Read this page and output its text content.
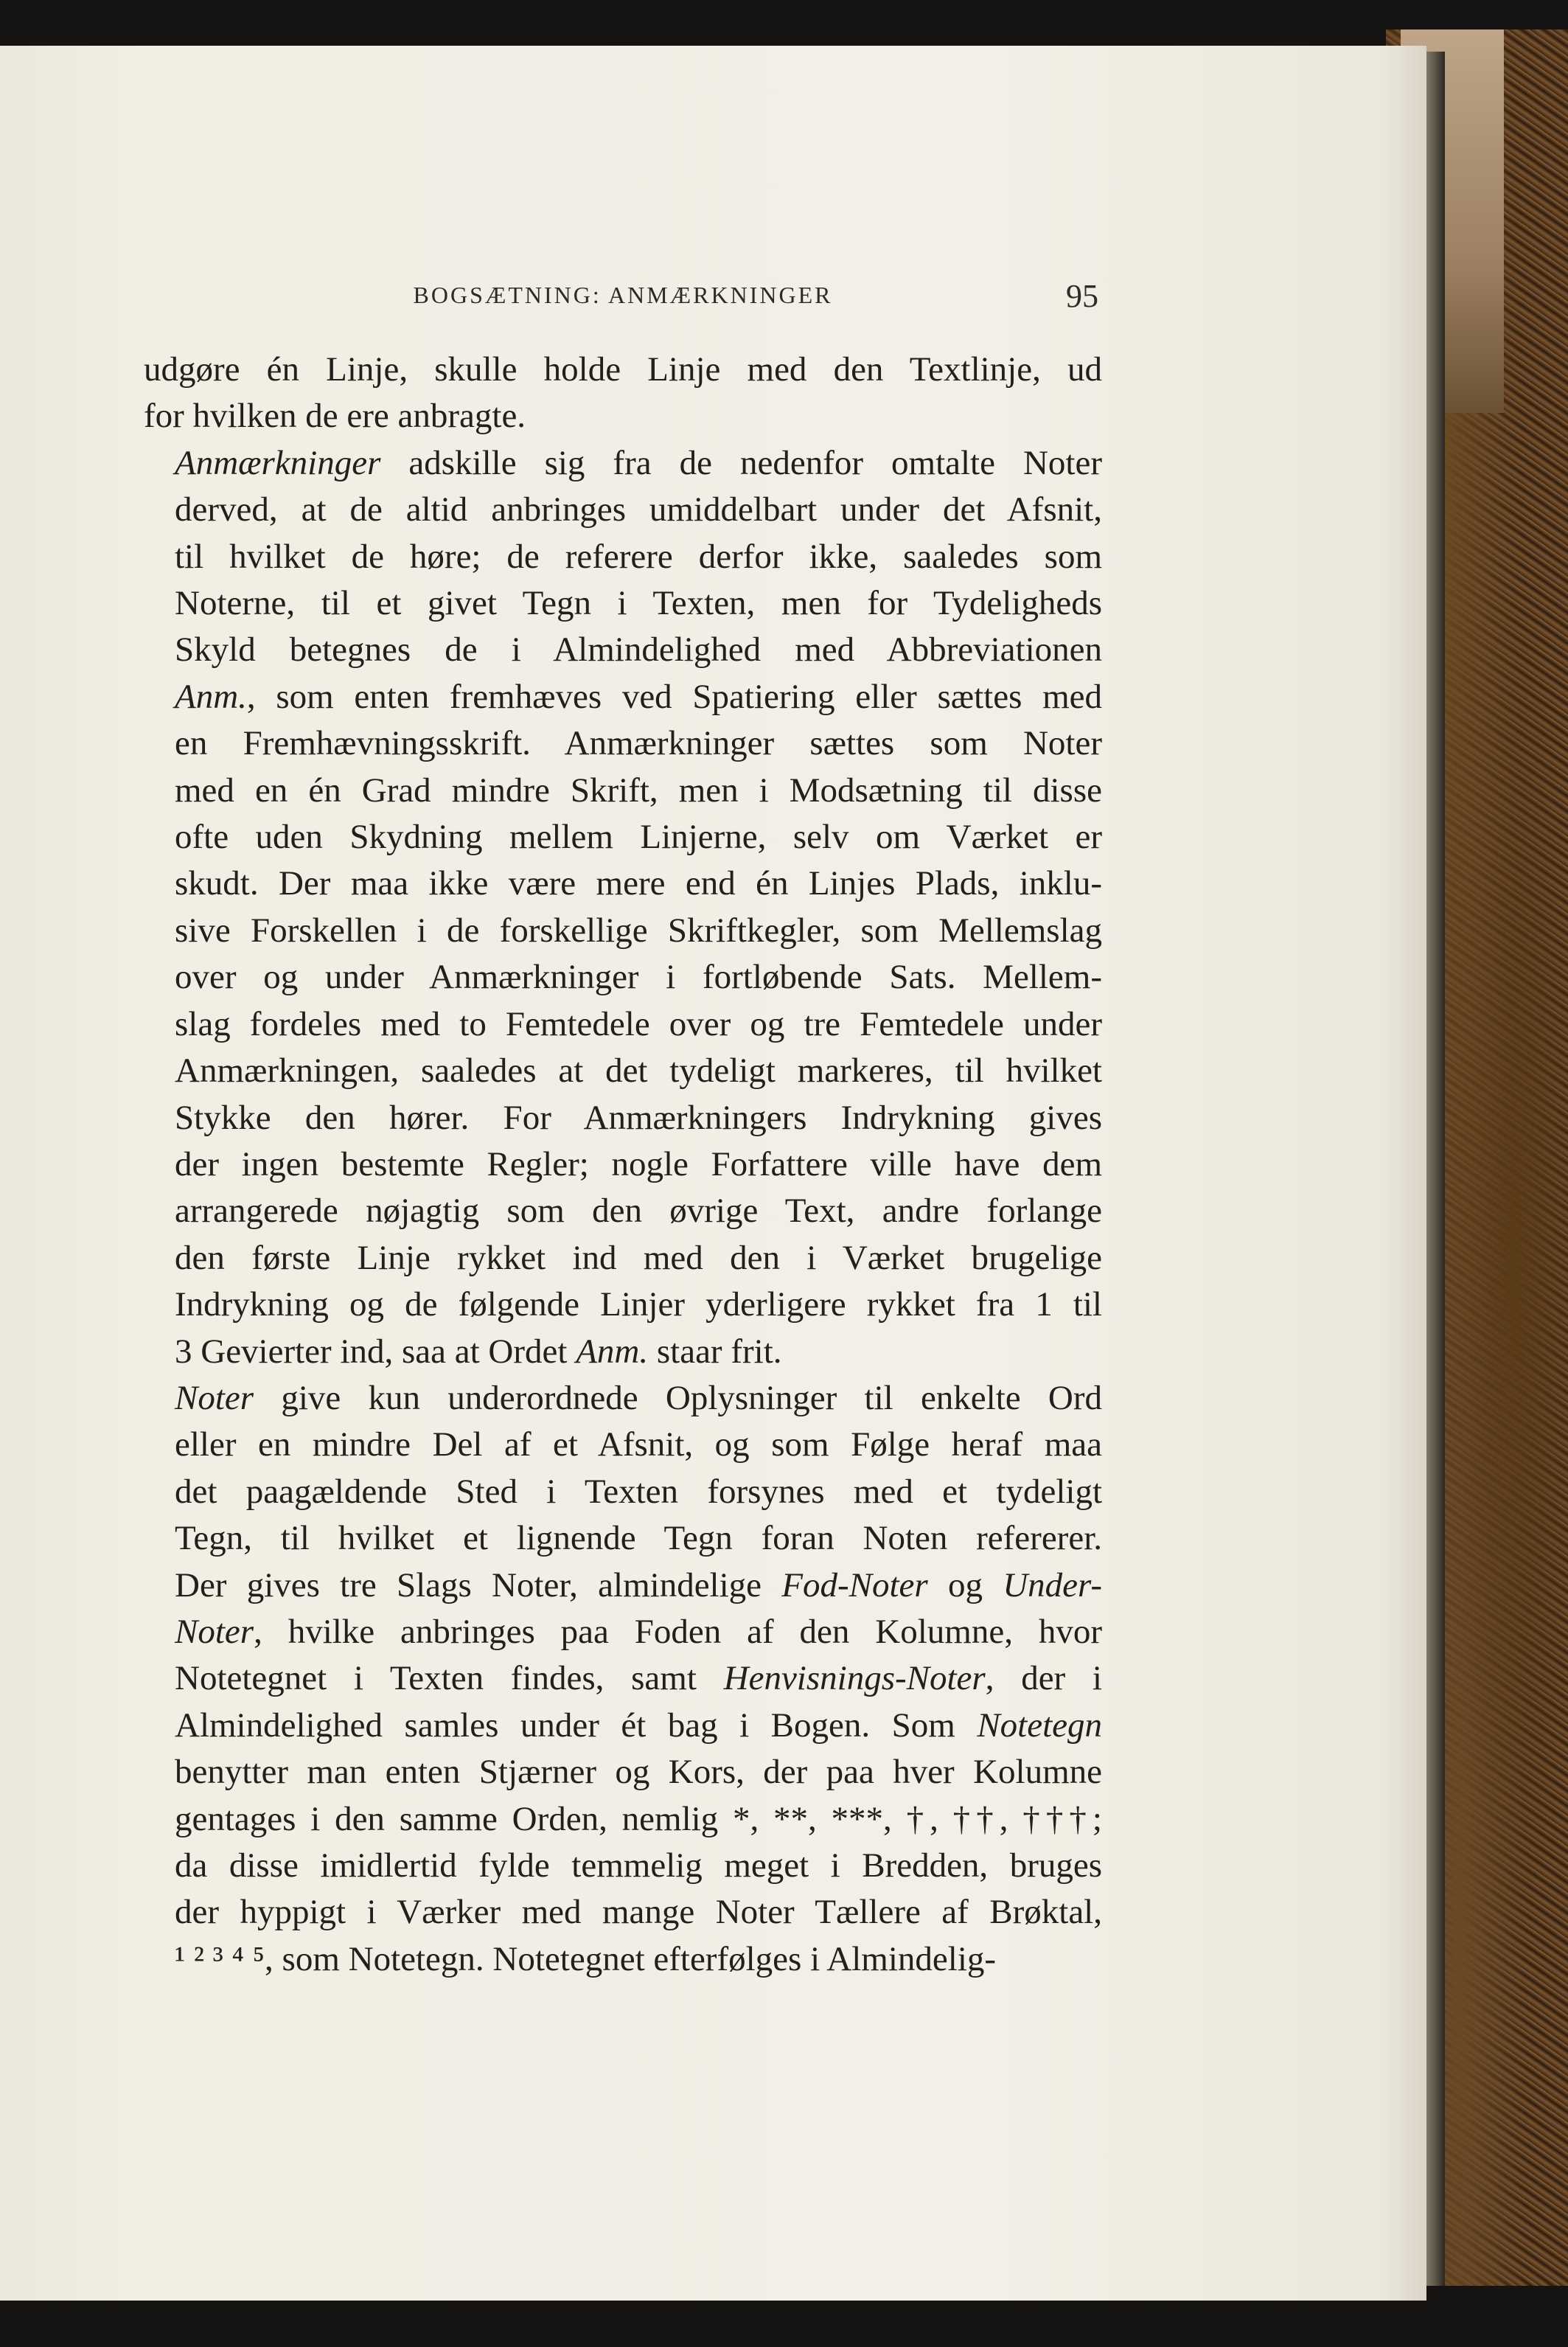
BOGSÆTNING: ANMÆRKNINGER	95

udgøre én Linje, skulle holde Linje med den Textlinje, ud
for hvilken de ere anbragte.

Anmærkninger adskille sig fra de nedenfor omtalte Noter
derved, at de altid anbringes umiddelbart under det Afsnit,
til hvilket de høre; de referere derfor ikke, saaledes som
Noterne, til et givet Tegn i Texten, men for Tydeligheds
Skyld betegnes de i Almindelighed med Abbreviationen
Anm., som enten fremhæves ved Spatiering eller sættes med
en Fremhævningsskrift. Anmærkninger sættes som Noter
med en én Grad mindre Skrift, men i Modsætning til disse
ofte uden Skydning mellem Linjerne, selv om Værket er
skudt. Der maa ikke være mere end én Linjes Plads, inklu-
sive Forskellen i de forskellige Skriftkegler, som Mellemslag
over og under Anmærkninger i fortløbende Sats. Mellem-
slag fordeles med to Femtedele over og tre Femtedele under
Anmærkningen, saaledes at det tydeligt markeres, til hvilket
Stykke den hører. For Anmærkningers Indrykning gives
der ingen bestemte Regler; nogle Forfattere ville have dem
arrangerede nøjagtig som den øvrige Text, andre forlange
den første Linje rykket ind med den i Værket brugelige
Indrykning og de følgende Linjer yderligere rykket fra 1 til
3 Gevierter ind, saa at Ordet Anm. staar frit.

Noter give kun underordnede Oplysninger til enkelte Ord
eller en mindre Del af et Afsnit, og som Følge heraf maa
det paagældende Sted i Texten forsynes med et tydeligt
Tegn, til hvilket et lignende Tegn foran Noten refererer.
Der gives tre Slags Noter, almindelige Fod-Noter og Under-
Noter, hvilke anbringes paa Foden af den Kolumne, hvor
Notetegnet i Texten findes, samt Henvisnings-Noter, der i
Almindelighed samles under ét bag i Bogen. Som Notetegn
benytter man enten Stjærner og Kors, der paa hver Kolumne
gentages i den samme Orden, nemlig *, **, ***, †, ††, †††;
da disse imidlertid fylde temmelig meget i Bredden, bruges
der hyppigt i Værker med mange Noter Tællere af Brøktal,
¹ ² ³ ⁴ ⁵, som Notetegn. Notetegnet efterfølges i Almindelig-
